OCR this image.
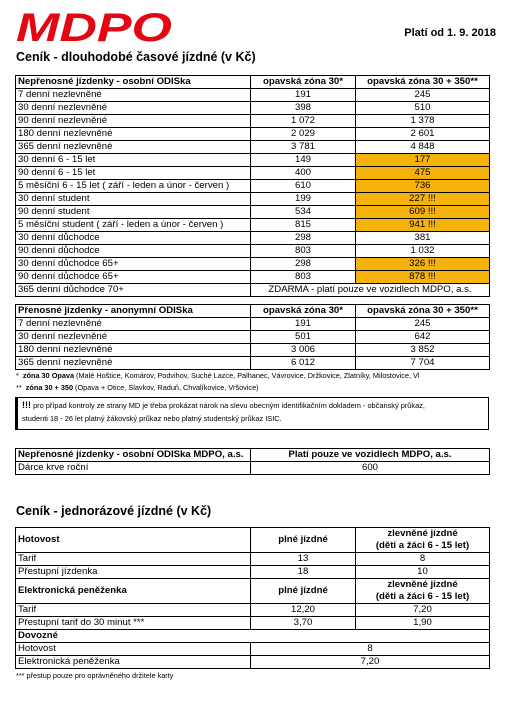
MDPO	Platí od 1. 9. 2018
Ceník - dlouhodobé časové jízdné (v Kč)
Nepřenosné jízdenky - osobní ODISka	opavská zóna 30*	opavská zóna 30 + 350**
7 denní nezlevněné	191	245
30 denní nezlevněné	398	510
90 denní nezlevněné	1 072	1 378
180 denní nezlevněné	2 029	2 601
365 denní nezlevněné	3 781	4 848
30 denní 6 - 15 let	149	177
90 denní 6 - 15 let	400	475
5 měsíční 6 - 15 let ( září - leden a únor - červen )	610	736
30 denní student	199	227 !!!
90 denní student	534	609 !!!
5 měsíční student ( září - leden a únor - červen )	815	941 !!!
30 denní důchodce	298	381
90 denní důchodce	803	1 032
30 denní důchodce 65+	298	326 !!!
90 denní důchodce 65+	803	878 !!!
365 denní důchodce 70+	ZDARMA - platí pouze ve vozidlech MDPO, a.s.	
Přenosné jízdenky - anonymní ODISka	opavská zóna 30*	opavská zóna 30 + 350**
7 denní nezlevněné	191	245
30 denní nezlevněné	501	642
180 denní nezlevněné	3 006	3 852
365 denní nezlevněné	6 012	7 704
* zóna 30 Opava (Malé Hoštice, Komárov, Podvihov, Suché Lazce, Palhanec, Vávrovice, Držkovice, Zlatníky, Milostovice, Vl
** zóna 30 + 350 (Opava + Otice, Slavkov, Raduň, Chvalíkovice, Vršovice)
!!! pro případ kontroly ze strany MD je třeba prokázat nárok na slevu obecným identifikačním dokladem - občanský průkaz,
studenti 18 - 26 let platný žákovský průkaz nebo platný studentský průkaz ISIC.
Nepřenosné jízdenky - osobní ODISka MDPO, a.s.	Platí pouze ve vozidlech MDPO, a.s.
Dárce krve roční	600
Ceník - jednorázové jízdné (v Kč)
Hotovost	plné jízdné	zlevněné jízdné
(děti a žáci 6 - 15 let)

Tarif	13	8
Přestupní jízdenka	18	10
Elektronická peněženka	plné jízdné	zlevněné jízdné
(děti a žáci 6 - 15 let)

Tarif	12,20	7,20
Přestupní tarif do 30 minut ***	3,70	1,90
Dovozné		
Hotovost	8	
Elektronická peněženka	7,20	
*** přestup pouze pro oprávněného držitele karty
